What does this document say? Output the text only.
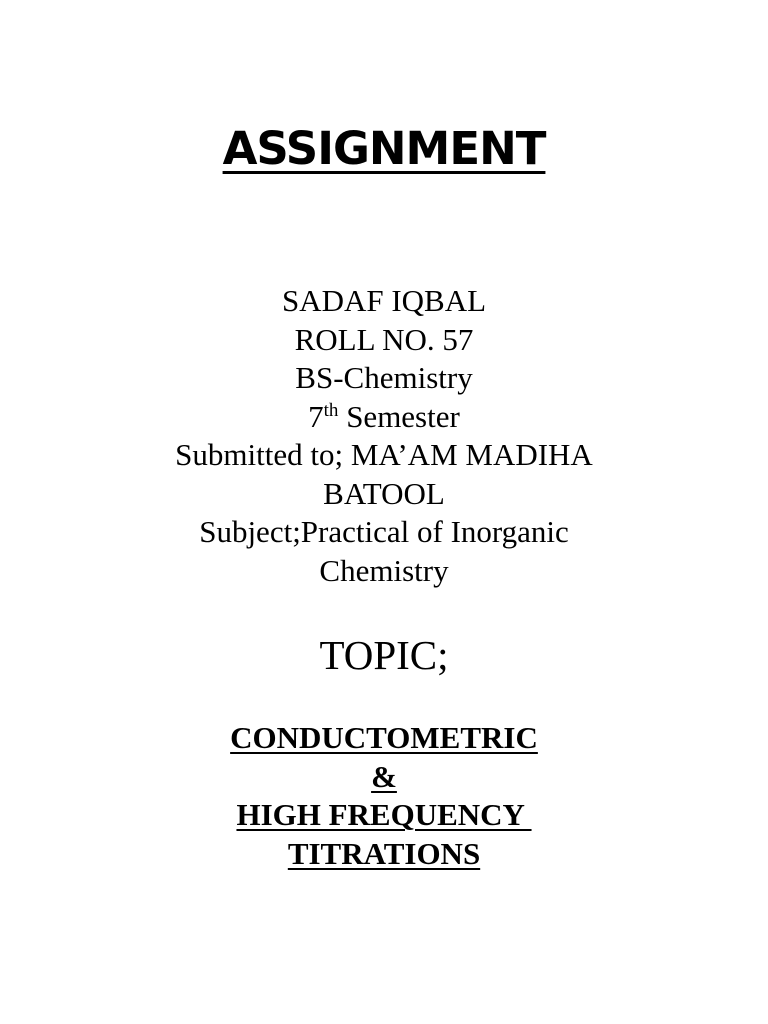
ASSIGNMENT
SADAF IQBAL
ROLL NO. 57
BS-Chemistry
7th Semester
Submitted to; MA’AM MADIHA
BATOOL
Subject;Practical of Inorganic
Chemistry
TOPIC;
CONDUCTOMETRIC
&
HIGH FREQUENCY
TITRATIONS
